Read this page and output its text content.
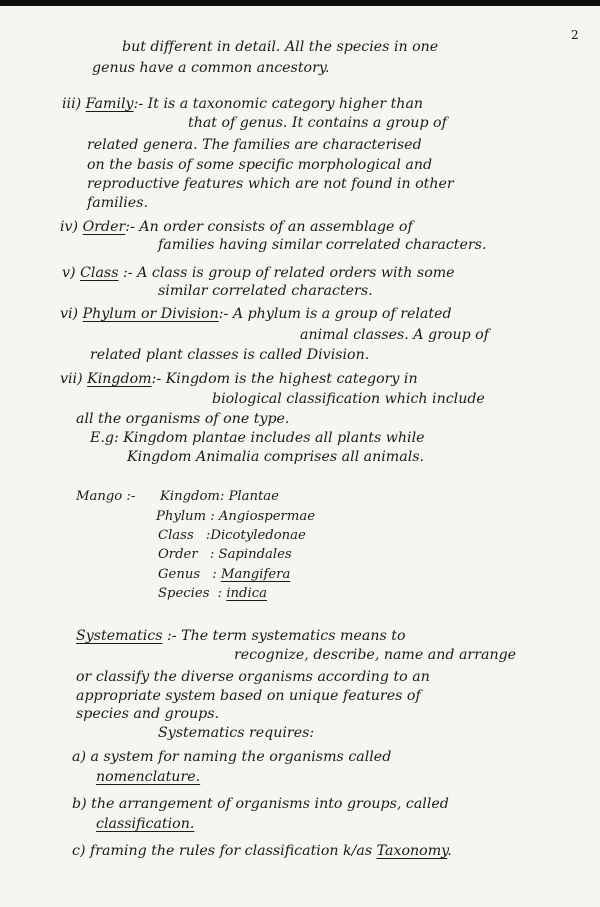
2
but different in detail. All the species in one
genus have a common ancestory.
iii) Family:- It is a taxonomic category higher than
that of genus. It contains a group of
related genera. The families are characterised
on the basis of some specific morphological and
reproductive features which are not found in other
families.
iv) Order:- An order consists of an assemblage of
families having similar correlated characters.
v) Class :- A class is group of related orders with some
similar correlated characters.
vi) Phylum or Division:- A phylum is a group of related
animal classes. A group of
related plant classes is called Division.
vii) Kingdom:- Kingdom is the highest category in
biological classification which include
all the organisms of one type.
E.g: Kingdom plantae includes all plants while
Kingdom Animalia comprises all animals.
Mango :- Kingdom: Plantae
Phylum : Angiospermae
Class :Dicotyledonae
Order : Sapindales
Genus : Mangifera
Species : indica
Systematics :- The term systematics means to
recognize, describe, name and arrange
or classify the diverse organisms according to an
appropriate system based on unique features of
species and groups.
Systematics requires:
a) a system for naming the organisms called
nomenclature.
b) the arrangement of organisms into groups, called
classification.
c) framing the rules for classification k/as Taxonomy.
